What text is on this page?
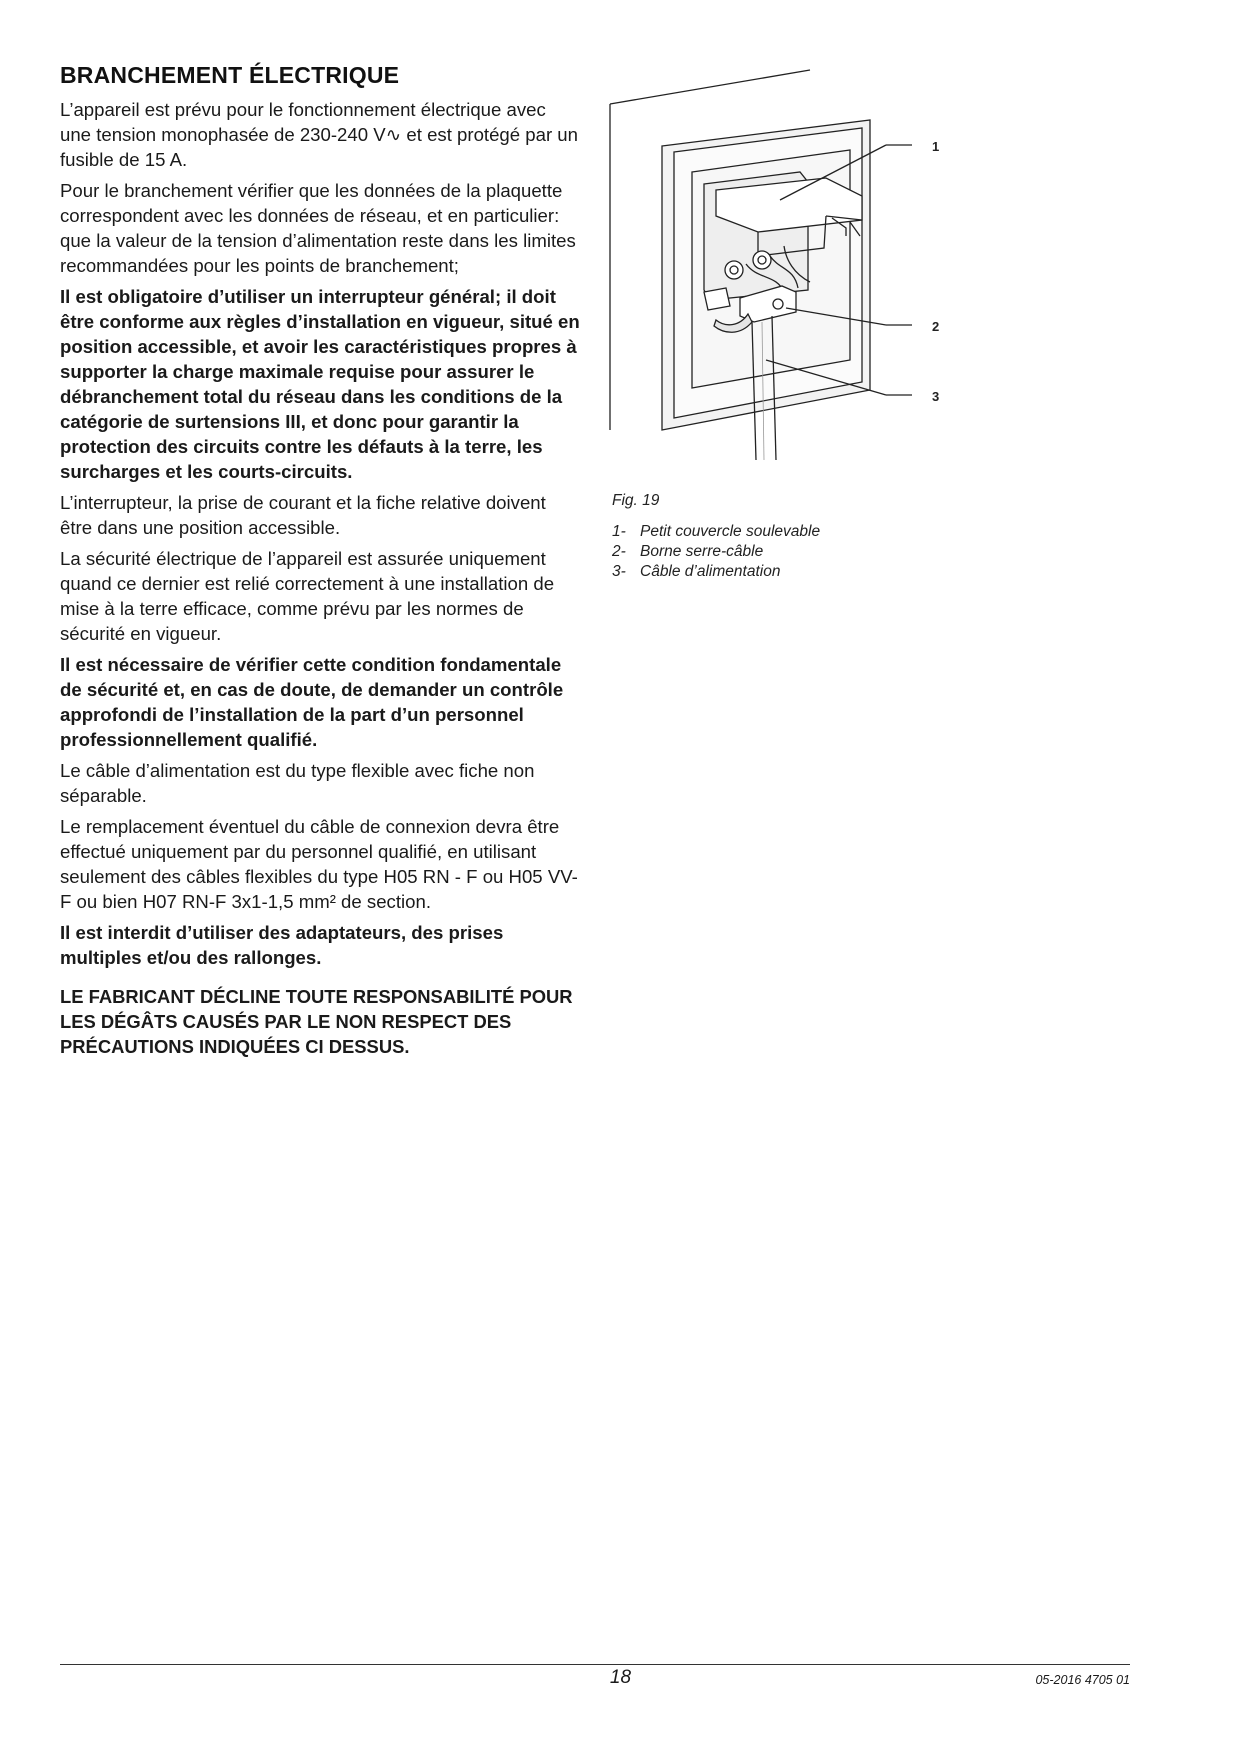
BRANCHEMENT ÉLECTRIQUE

L’appareil est prévu pour le fonctionnement électrique avec une tension monophasée de 230-240 V∿ et est protégé par un fusible de 15 A.

Pour le branchement vérifier que les données de la plaquette correspondent avec les données de réseau, et en particulier: que la valeur de la tension d’alimentation reste dans les limites recommandées pour les points de branchement;

Il est obligatoire d’utiliser un interrupteur général; il doit être conforme aux règles d’installation en vigueur, situé en position accessible, et avoir les caractéristiques propres à supporter la charge maximale requise pour assurer le débranchement total du réseau dans les conditions de la catégorie de surtensions III, et donc pour garantir la protection des circuits contre les défauts à la terre, les surcharges et les courts-circuits.

L’interrupteur, la prise de courant et la fiche relative doivent être dans une position accessible.

La sécurité électrique de l’appareil est assurée uniquement quand ce dernier est relié correctement à une installation de mise à la terre efficace, comme prévu par les normes de sécurité en vigueur.

Il est nécessaire de vérifier cette condition fondamentale de sécurité et, en cas de doute, de demander un contrôle approfondi de l’installation de la part d’un personnel professionnellement qualifié.

Le câble d’alimentation est du type flexible avec fiche non séparable.

Le remplacement éventuel du câble de connexion devra être effectué uniquement par du personnel qualifié, en utilisant seulement des câbles flexibles du type H05 RN - F ou H05 VV-F ou bien H07 RN-F 3x1-1,5 mm² de section.

Il est interdit d’utiliser des adaptateurs, des prises multiples et/ou des rallonges.

LE FABRICANT DÉCLINE TOUTE RESPONSABILITÉ POUR LES DÉGÂTS CAUSÉS PAR LE NON RESPECT DES PRÉCAUTIONS INDIQUÉES CI DESSUS.

1
2
3
Fig. 19
1- Petit couvercle soulevable
2- Borne serre-câble
3- Câble d’alimentation
18	05-2016 4705 01
